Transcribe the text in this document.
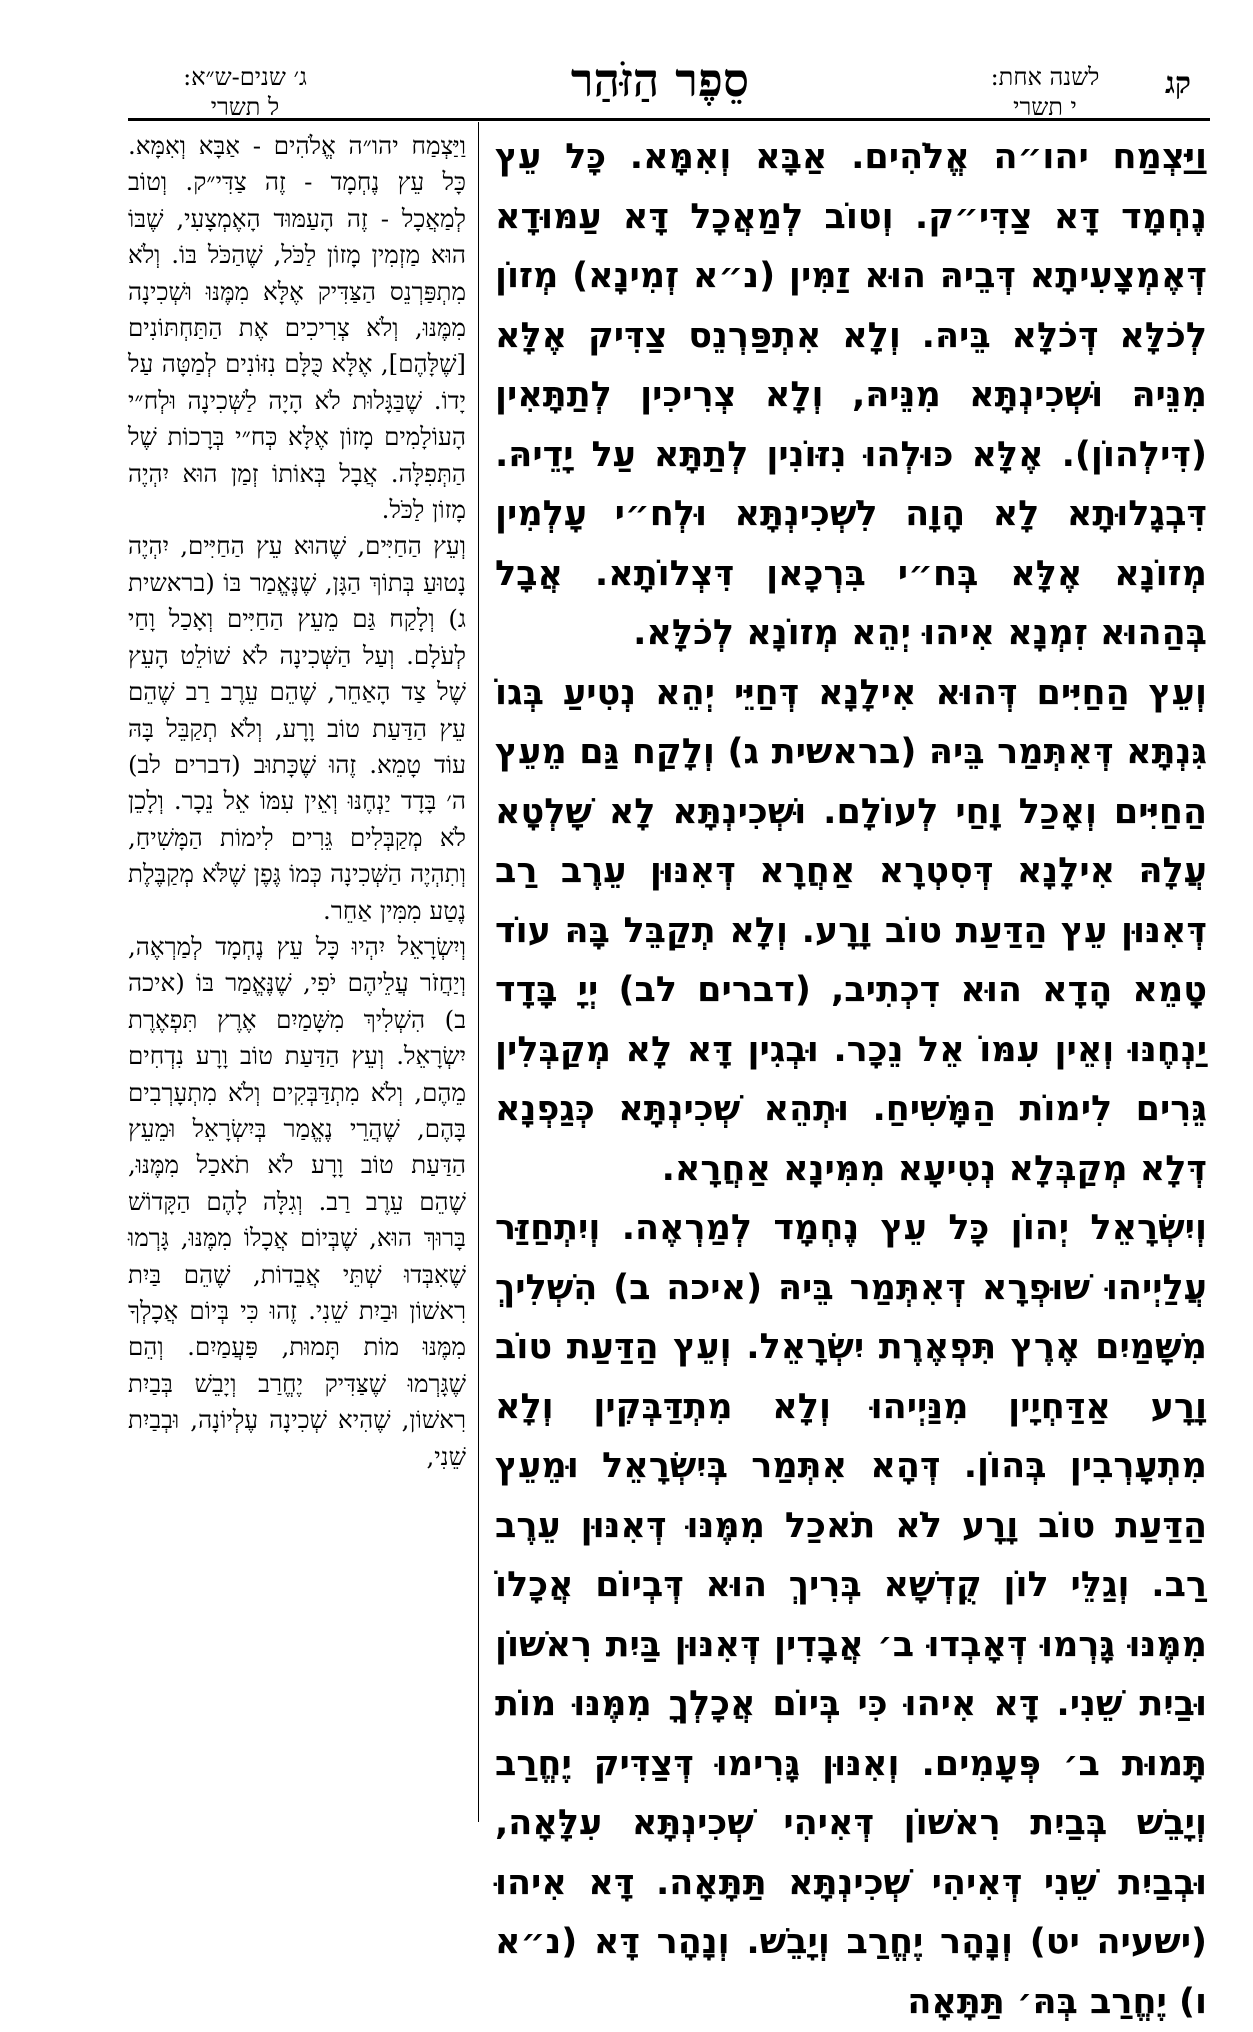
ג׳ שנים-ש״א:
ל תשרי	סֵפֶר הַזֹּהַר	לשנה אחת:
י תשרי
קג

וַיַּצְמַח יהו״ה אֱלֹהִים. אַבָּא וְאִמָּא. כָּל עֵץ נֶחְמָד דָּא צַדִּי״ק. וְטוֹב לְמַאֲכָל דָּא עַמּוּדָא דְּאֶמְצָעִיתָא דְּבֵיהּ הוּא זַמִּין (נ״א זְמִינָא) מְזוֹן לְכֹלָּא דְּכֹלָּא בֵּיהּ. וְלָא אִתְפַּרְנֵס צַדִּיק אֶלָּא מִנֵּיהּ וּשְׁכִינְתָּא מִנֵּיהּ, וְלָא צְרִיכִין לְתַתָּאִין (דִּילְהוֹן). אֶלָּא כּוּלְהוּ נִזּוֹנִין לְתַתָּא עַל יָדֵיהּ. דִּבְגָלוּתָא לָא הָוָה לִשְׁכִינְתָּא וּלְח״י עָלְמִין מְזוֹנָא אֶלָּא בְּח״י בִּרְכָאן דִּצְלוֹתָא. אֲבָל בְּהַהוּא זִמְנָא אִיהוּ יְהֵא מְזוֹנָא לְכֹלָּא.

וְעֵץ הַחַיִּים דְּהוּא אִילָנָא דְּחַיֵּי יְהֵא נְטִיעַ בְּגוֹ גִּנְתָּא דְּאִתְּמַר בֵּיהּ (בראשית ג) וְלָקַח גַּם מֵעֵץ הַחַיִּים וְאָכַל וָחַי לְעוֹלָם. וּשְׁכִינְתָּא לָא שָׁלְטָא עֲלָהּ אִילָנָא דְּסִטְרָא אַחֲרָא דְּאִנּוּן עֵרֶב רַב דְּאִנּוּן עֵץ הַדַּעַת טוֹב וָרָע. וְלָא תְקַבֵּל בָּהּ עוֹד טָמֵא הָדָא הוּא דִכְתִיב, (דברים לב) יְיָ בָּדָד יַנְחֶנּוּ וְאֵין עִמּוֹ אֵל נֵכָר. וּבְגִין דָּא לָא מְקַבְּלִין גֵּרִים לִימוֹת הַמָּשִׁיחַ. וּתְהֵא שְׁכִינְתָּא כְּגַפְנָא דְּלָא מְקַבְּלָא נְטִיעָא מִמִּינָא אַחֲרָא.

וְיִשְׂרָאֵל יְהוֹן כָּל עֵץ נֶחְמָד לְמַרְאֶה. וְיִתְחַזַּר עֲלַיְיהוּ שׁוּפְרָא דְּאִתְּמַר בֵּיהּ (איכה ב) הִשְׁלִיךְ מִשָּׁמַיִם אֶרֶץ תִּפְאֶרֶת יִשְׂרָאֵל. וְעֵץ הַדַּעַת טוֹב וָרָע אַדַּחְיָין מִנַּיְיהוּ וְלָא מִתְדַּבְּקִין וְלָא מִתְעָרְבִין בְּהוֹן. דְּהָא אִתְּמַר בְּיִשְׂרָאֵל וּמֵעֵץ הַדַּעַת טוֹב וָרָע לֹא תֹאכַל מִמֶּנּוּ דְּאִנּוּן עֵרֶב רַב. וְגַלֵּי לוֹן קֻדְשָׁא בְּרִיךְ הוּא דְּבְיוֹם אֲכָלוֹ מִמֶּנּוּ גָּרְמוּ דְּאָבְדוּ ב׳ אֲבָדִין דְּאִנּוּן בַּיִת רִאשׁוֹן וּבַיִת שֵׁנִי. דָּא אִיהוּ כִּי בְּיוֹם אֲכָלְךָ מִמֶּנּוּ מוֹת תָּמוּת ב׳ פְּעָמִים. וְאִנּוּן גָּרִימוּ דְּצַדִּיק יֶחֱרַב וְיָבֵשׁ בְּבַיִת רִאשׁוֹן דְּאִיהִי שְׁכִינְתָּא עִלָּאָה, וּבְבַיִת שֵׁנִי דְּאִיהִי שְׁכִינְתָּא תַּתָּאָה. דָּא אִיהוּ (ישעיה יט) וְנָהָר יֶחֱרַב וְיָבֵשׁ. וְנָהָר דָּא (נ״א ו) יֶחֱרַב בְּהּ׳ תַּתָּאָה

וַיַּצְמַח יהו״ה אֱלֹהִים - אַבָּא וְאִמָּא. כָּל עֵץ נֶחְמָד - זֶה צַדִּי״ק. וְטוֹב לְמַאֲכָל - זֶה הָעַמּוּד הָאֶמְצָעִי, שֶׁבּוֹ הוּא מַזְמִין מָזוֹן לַכֹּל, שֶׁהַכֹּל בּוֹ. וְלֹא מִתְפַּרְנֵס הַצַּדִּיק אֶלָּא מִמֶּנּוּ וּשְׁכִינָה מִמֶּנּוּ, וְלֹא צְרִיכִים אֶת הַתַּחְתּוֹנִים [שֶׁלָּהֶם], אֶלָּא כֻּלָּם נִזּוֹנִים לְמַטָּה עַל יָדוֹ. שֶׁבַּגָּלוּת לֹא הָיָה לַשְּׁכִינָה וּלְח״י הָעוֹלָמִים מָזוֹן אֶלָּא כְּח״י בְּרָכוֹת שֶׁל הַתְּפִלָּה. אֲבָל בְּאוֹתוֹ זְמַן הוּא יִהְיֶה מָזוֹן לַכֹּל.

וְעֵץ הַחַיִּים, שֶׁהוּא עֵץ הַחַיִּים, יִהְיֶה נָטוּעַ בְּתוֹךְ הַגָּן, שֶׁנֶּאֱמַר בּוֹ (בראשית ג) וְלָקַח גַּם מֵעֵץ הַחַיִּים וְאָכַל וָחַי לְעֹלָם. וְעַל הַשְּׁכִינָה לֹא שׁוֹלֵט הָעֵץ שֶׁל צַד הָאַחֵר, שֶׁהֵם עֵרֶב רַב שֶׁהֵם עֵץ הַדַּעַת טוֹב וָרָע, וְלֹא תְקַבֵּל בָּהּ עוֹד טָמֵא. זֶהוּ שֶׁכָּתוּב (דברים לב) ה׳ בָּדָד יַנְחֶנּוּ וְאֵין עִמּוֹ אֵל נֵכָר. וְלָכֵן לֹא מְקַבְּלִים גֵּרִים לִימוֹת הַמָּשִׁיחַ, וְתִהְיֶה הַשְּׁכִינָה כְּמוֹ גֶּפֶן שֶׁלֹּא מְקַבֶּלֶת נֶטַע מִמִּין אַחֵר.

וְיִשְׂרָאֵל יִהְיוּ כָּל עֵץ נֶחְמָד לְמַרְאֶה, וְיַחֲזֹר עֲלֵיהֶם יֹפִי, שֶׁנֶּאֱמַר בּוֹ (איכה ב) הִשְׁלִיךְ מִשָּׁמַיִם אֶרֶץ תִּפְאֶרֶת יִשְׂרָאֵל. וְעֵץ הַדַּעַת טוֹב וָרָע נִדְחִים מֵהֶם, וְלֹא מִתְדַּבְּקִים וְלֹא מִתְעָרְבִים בָּהֶם, שֶׁהֲרֵי נֶאֱמַר בְּיִשְׂרָאֵל וּמֵעֵץ הַדַּעַת טוֹב וָרָע לֹא תֹאכַל מִמֶּנּוּ, שֶׁהֵם עֵרֶב רַב. וְגִלָּה לָהֶם הַקָּדוֹשׁ בָּרוּךְ הוּא, שֶׁבְּיוֹם אֲכָלוֹ מִמֶּנּוּ, גָּרְמוּ שֶׁאִבְּדוּ שְׁתֵּי אֲבֵדוֹת, שֶׁהֵם בַּיִת רִאשׁוֹן וּבַיִת שֵׁנִי. זֶהוּ כִּי בְּיוֹם אֲכָלְךָ מִמֶּנּוּ מוֹת תָּמוּת, פַּעֲמַיִם. וְהֵם שֶׁגָּרְמוּ שֶׁצַּדִּיק יֶחֱרַב וְיָבֵשׁ בְּבַיִת רִאשׁוֹן, שֶׁהִיא שְׁכִינָה עֶלְיוֹנָה, וּבְבַיִת שֵׁנִי,
